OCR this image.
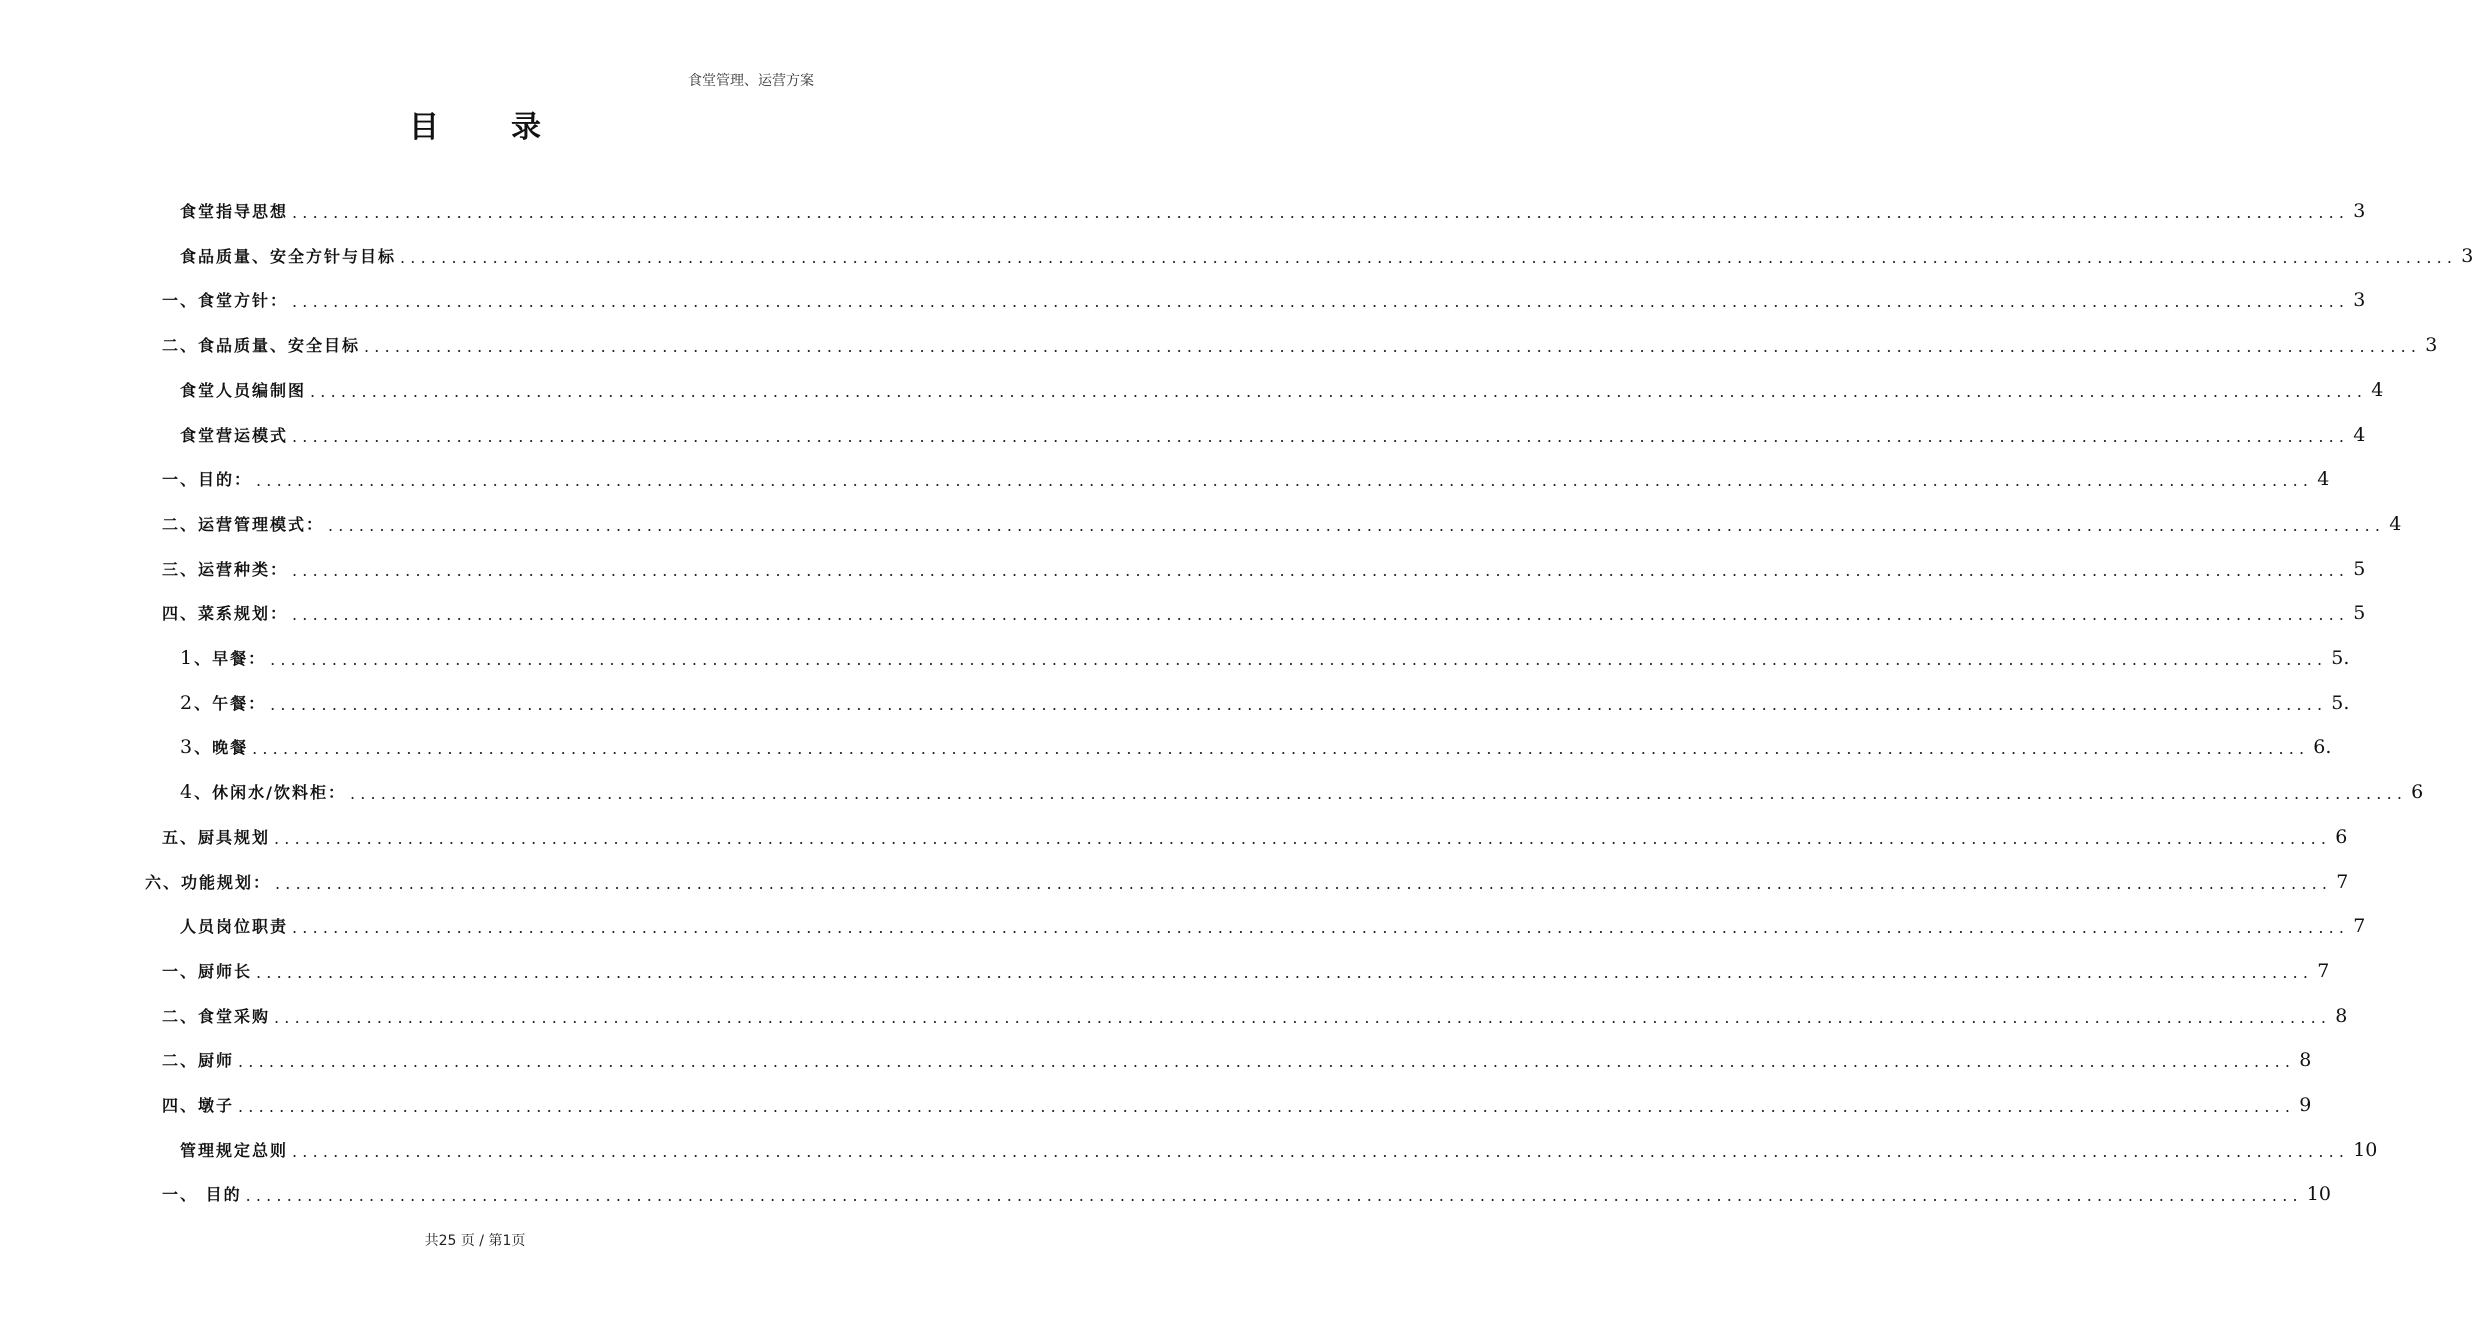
食堂管理、运营方案
目录
食堂指导思想 ........................................................................................................................................................................................................ 3
食品质量、安全方针与目标 ........................................................................................................................................................................................................ 3
一、食堂方针： ........................................................................................................................................................................................................ 3
二、食品质量、安全目标 ........................................................................................................................................................................................................ 3
食堂人员编制图 ........................................................................................................................................................................................................ 4
食堂营运模式 ........................................................................................................................................................................................................ 4
一、目的： ........................................................................................................................................................................................................ 4
二、运营管理模式： ........................................................................................................................................................................................................ 4
三、运营种类： ........................................................................................................................................................................................................ 5
四、菜系规划： ........................................................................................................................................................................................................ 5
1、早餐： ........................................................................................................................................................................................................ 5.
2、午餐： ........................................................................................................................................................................................................ 5.
3、晚餐 ........................................................................................................................................................................................................ 6.
4、休闲水/饮料柜： ........................................................................................................................................................................................................ 6
五、厨具规划 ........................................................................................................................................................................................................ 6
六、功能规划： ........................................................................................................................................................................................................ 7
人员岗位职责 ........................................................................................................................................................................................................ 7
一、厨师长 ........................................................................................................................................................................................................ 7
二、食堂采购 ........................................................................................................................................................................................................ 8
二、厨师 ........................................................................................................................................................................................................ 8
四、墩子 ........................................................................................................................................................................................................ 9
管理规定总则 ........................................................................................................................................................................................................ 10
一、 目的 ........................................................................................................................................................................................................ 10
共25 页 / 第1页
